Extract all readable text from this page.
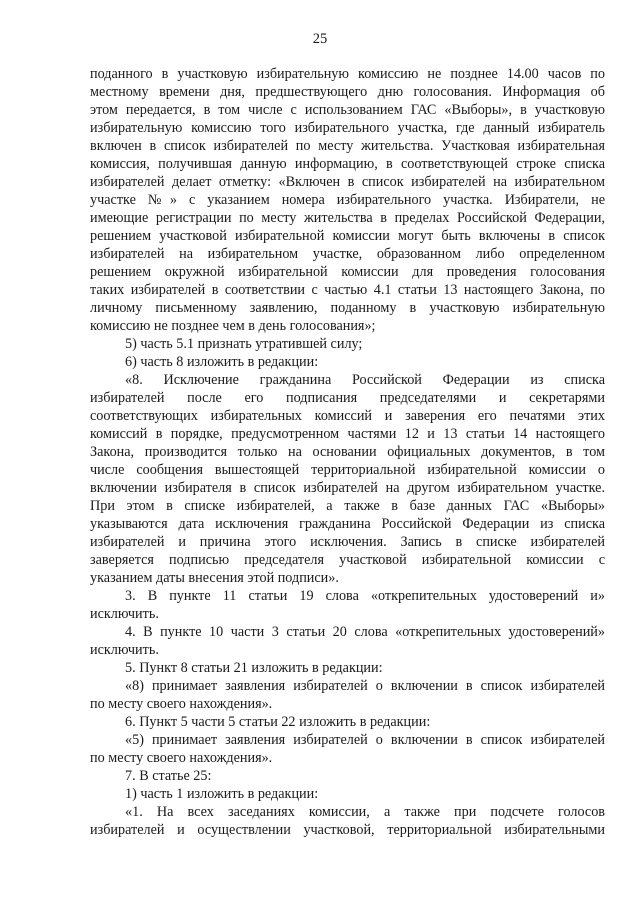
25
поданного в участковую избирательную комиссию не позднее 14.00 часов по
местному времени дня, предшествующего дню голосования. Информация об
этом передается, в том числе с использованием ГАС «Выборы», в участковую
избирательную комиссию того избирательного участка, где данный избиратель
включен в список избирателей по месту жительства. Участковая избирательная
комиссия, получившая данную информацию, в соответствующей строке списка
избирателей делает отметку: «Включен в список избирателей на избирательном
участке №» с указанием номера избирательного участка. Избиратели, не
имеющие регистрации по месту жительства в пределах Российской Федерации,
решением участковой избирательной комиссии могут быть включены в список
избирателей на избирательном участке, образованном либо определенном
решением окружной избирательной комиссии для проведения голосования
таких избирателей в соответствии с частью 4.1 статьи 13 настоящего Закона, по
личному письменному заявлению, поданному в участковую избирательную
комиссию не позднее чем в день голосования»;
5) часть 5.1 признать утратившей силу;
6) часть 8 изложить в редакции:
«8. Исключение гражданина Российской Федерации из списка
избирателей после его подписания председателями и секретарями
соответствующих избирательных комиссий и заверения его печатями этих
комиссий в порядке, предусмотренном частями 12 и 13 статьи 14 настоящего
Закона, производится только на основании официальных документов, в том
числе сообщения вышестоящей территориальной избирательной комиссии о
включении избирателя в список избирателей на другом избирательном участке.
При этом в списке избирателей, а также в базе данных ГАС «Выборы»
указываются дата исключения гражданина Российской Федерации из списка
избирателей и причина этого исключения. Запись в списке избирателей
заверяется подписью председателя участковой избирательной комиссии с
указанием даты внесения этой подписи».
3. В пункте 11 статьи 19 слова «открепительных удостоверений и»
исключить.
4. В пункте 10 части 3 статьи 20 слова «открепительных удостоверений»
исключить.
5. Пункт 8 статьи 21 изложить в редакции:
«8) принимает заявления избирателей о включении в список избирателей
по месту своего нахождения».
6. Пункт 5 части 5 статьи 22 изложить в редакции:
«5) принимает заявления избирателей о включении в список избирателей
по месту своего нахождения».
7. В статье 25:
1) часть 1 изложить в редакции:
«1. На всех заседаниях комиссии, а также при подсчете голосов
избирателей и осуществлении участковой, территориальной избирательными
